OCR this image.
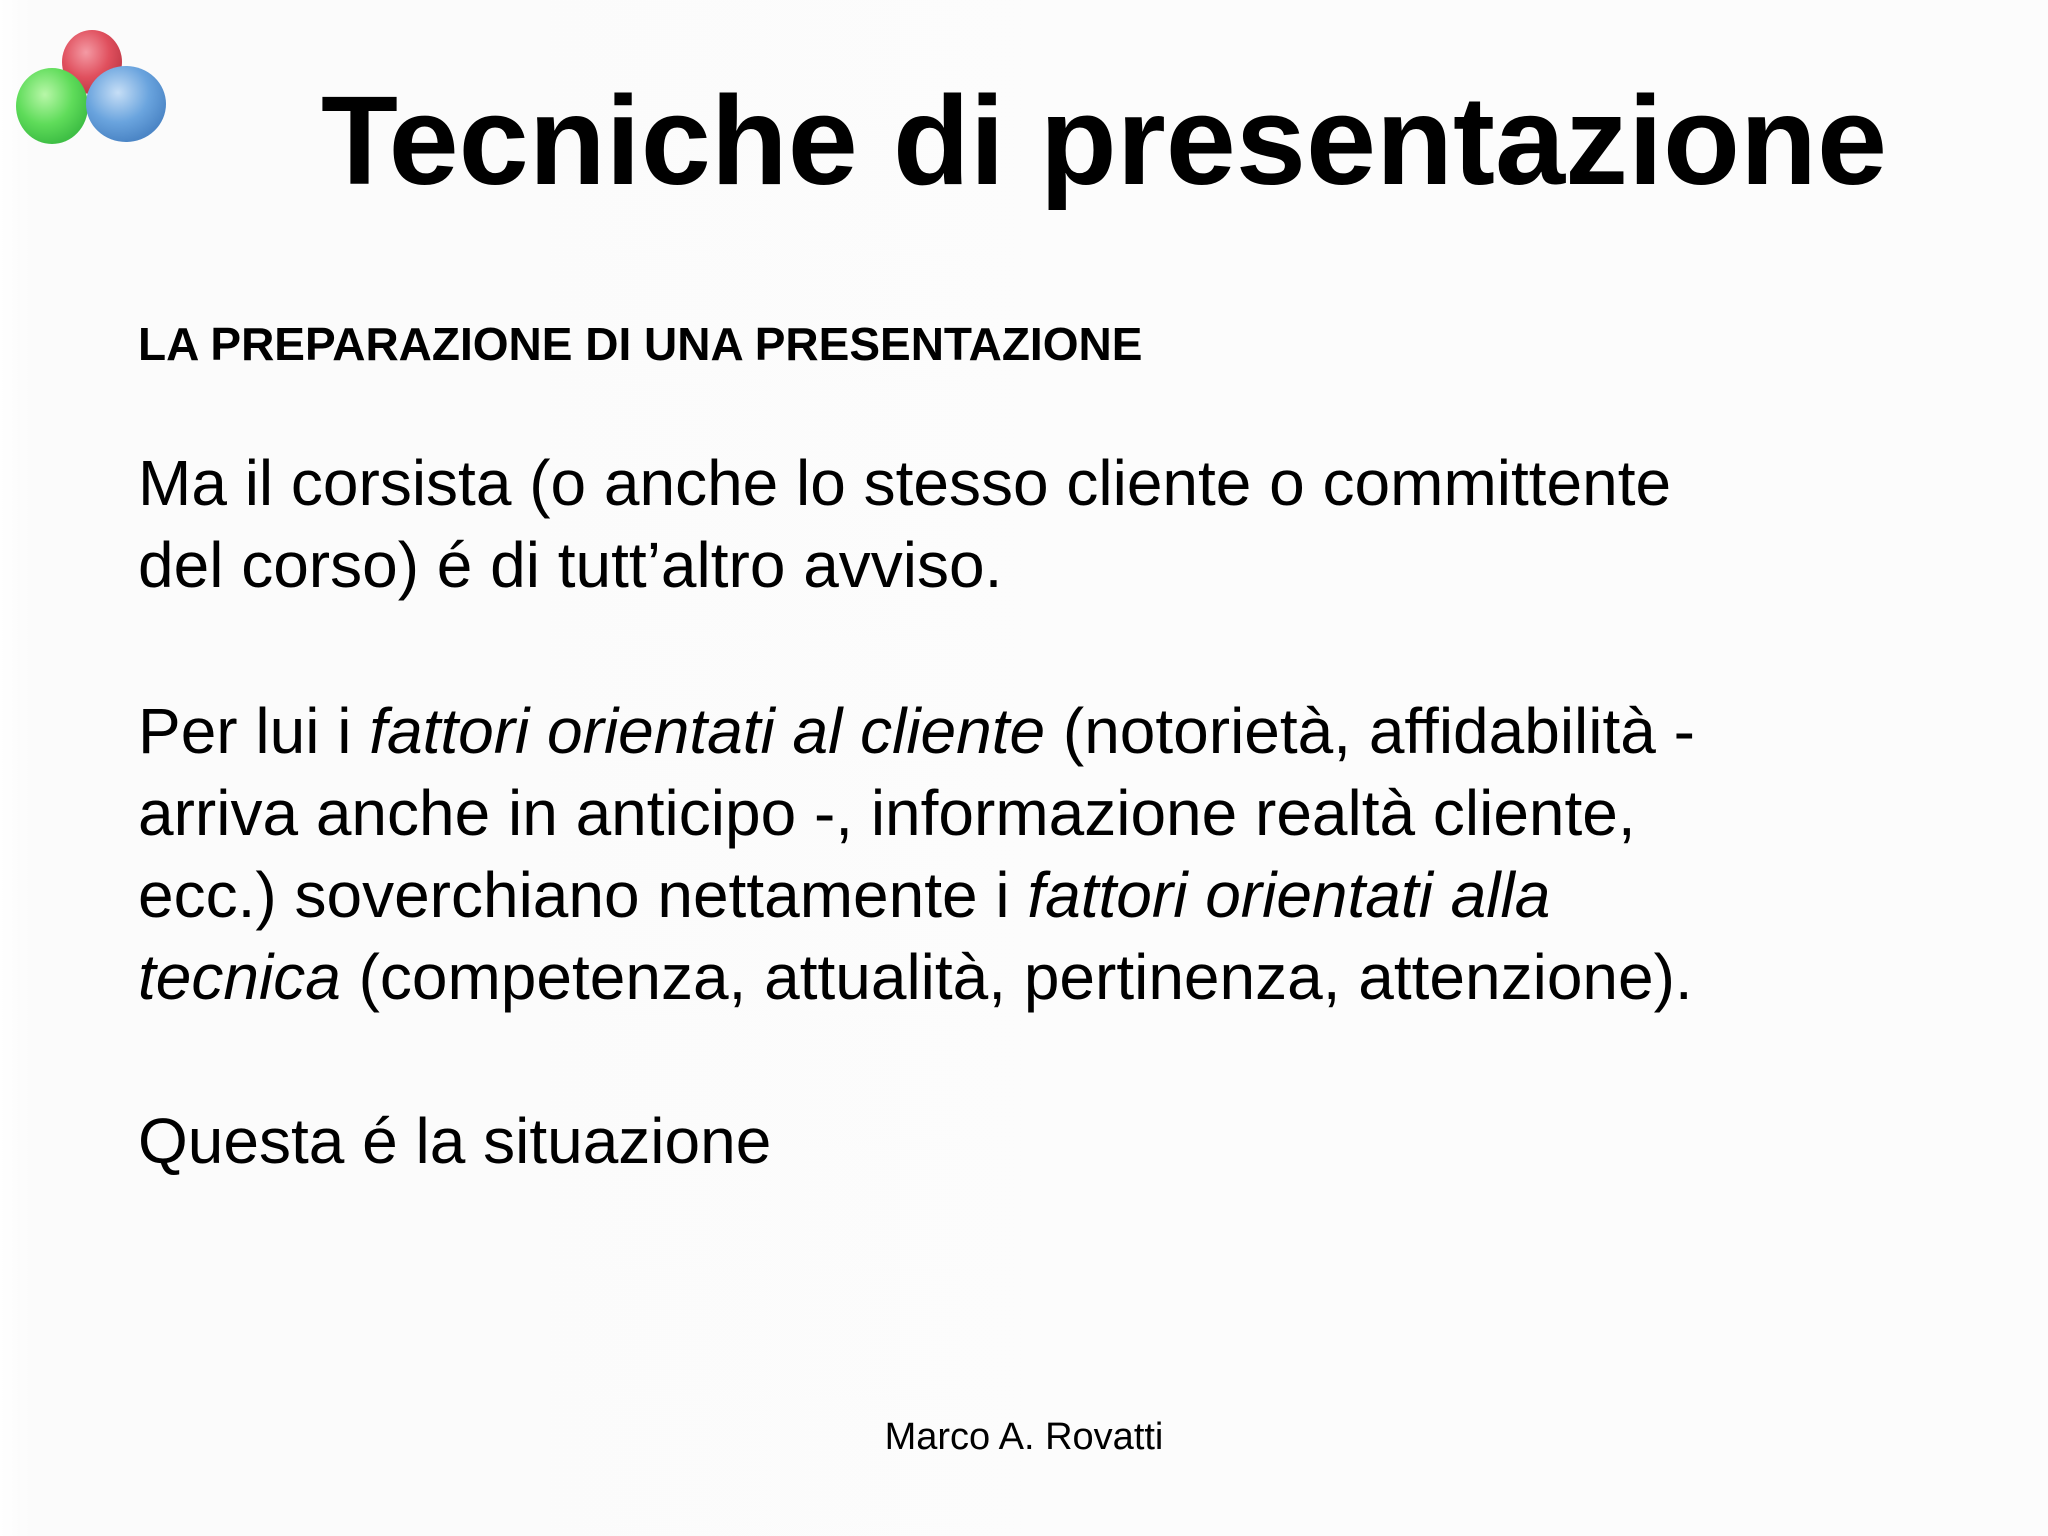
Tecniche di presentazione
LA PREPARAZIONE DI UNA PRESENTAZIONE

Ma il corsista (o anche lo stesso cliente o committente
del corso) é di tutt’altro avviso.

Per lui i fattori orientati al cliente (notorietà, affidabilità -
arriva anche in anticipo -, informazione realtà cliente,
ecc.) soverchiano nettamente i fattori orientati alla
tecnica (competenza, attualità, pertinenza, attenzione).

Questa é la situazione

Marco A. Rovatti
